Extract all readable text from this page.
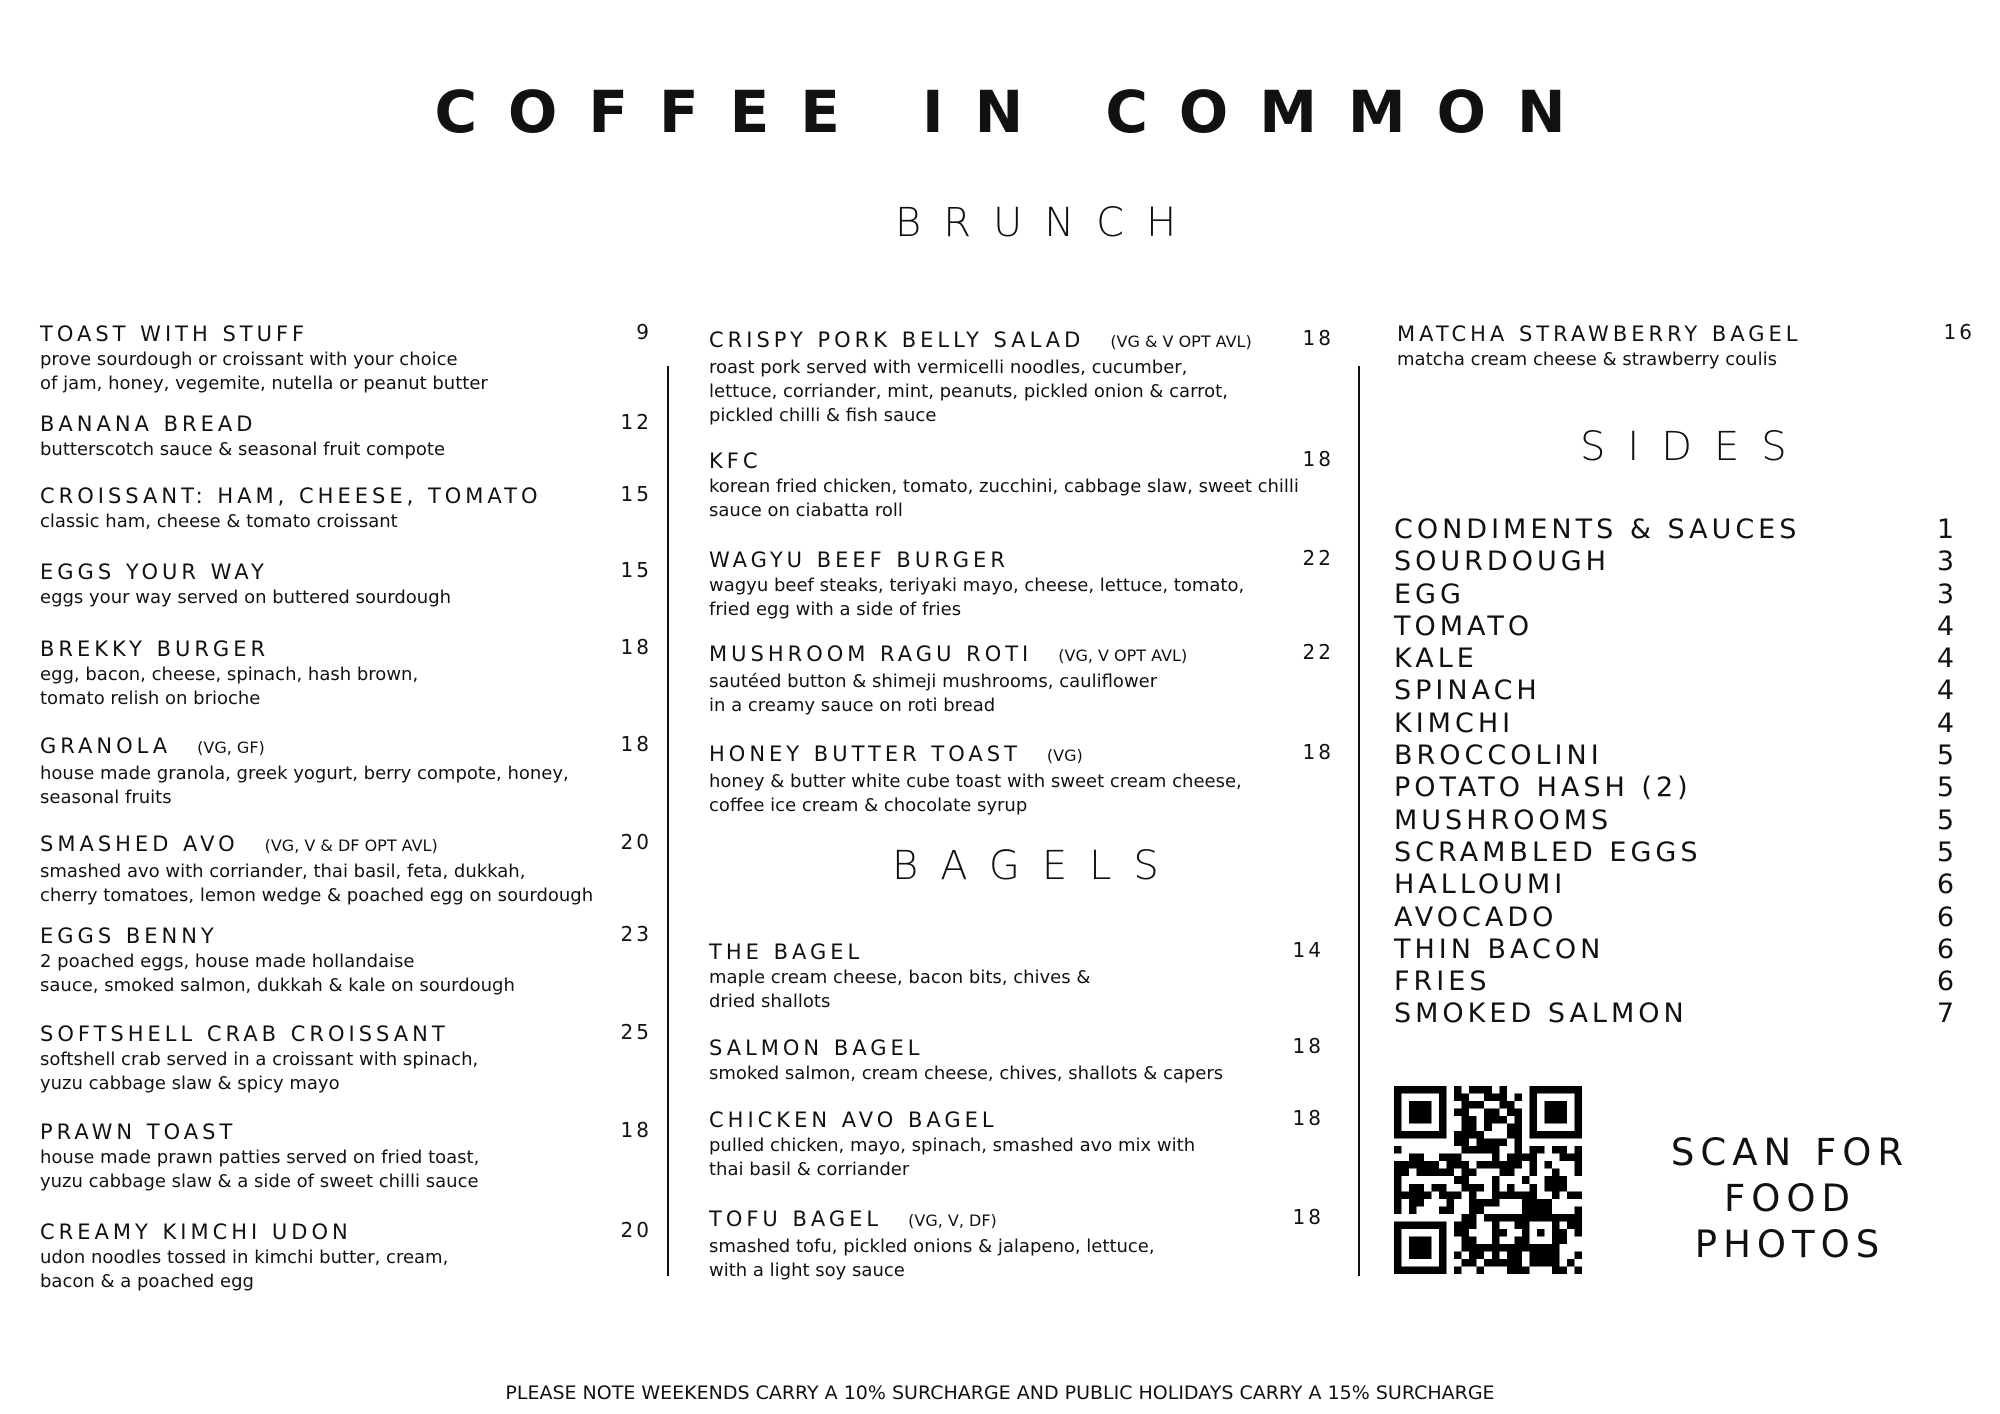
COFFEE IN COMMON
BRUNCH
TOAST WITH STUFF	9
prove sourdough or croissant with your choice
of jam, honey, vegemite, nutella or peanut butter
BANANA BREAD	12
butterscotch sauce & seasonal fruit compote
CROISSANT: HAM, CHEESE, TOMATO	15
classic ham, cheese & tomato croissant
EGGS YOUR WAY	15
eggs your way served on buttered sourdough
BREKKY BURGER	18
egg, bacon, cheese, spinach, hash brown,
tomato relish on brioche
GRANOLA (VG, GF)	18
house made granola, greek yogurt, berry compote, honey,
seasonal fruits
SMASHED AVO (VG, V & DF OPT AVL)	20
smashed avo with corriander, thai basil, feta, dukkah,
cherry tomatoes, lemon wedge & poached egg on sourdough
EGGS BENNY	23
2 poached eggs, house made hollandaise
sauce, smoked salmon, dukkah & kale on sourdough
SOFTSHELL CRAB CROISSANT	25
softshell crab served in a croissant with spinach,
yuzu cabbage slaw & spicy mayo
PRAWN TOAST	18
house made prawn patties served on fried toast,
yuzu cabbage slaw & a side of sweet chilli sauce
CREAMY KIMCHI UDON	20
udon noodles tossed in kimchi butter, cream,
bacon & a poached egg
CRISPY PORK BELLY SALAD (VG & V OPT AVL)	18
roast pork served with vermicelli noodles, cucumber,
lettuce, corriander, mint, peanuts, pickled onion & carrot,
pickled chilli & fish sauce
KFC	18
korean fried chicken, tomato, zucchini, cabbage slaw, sweet chilli
sauce on ciabatta roll
WAGYU BEEF BURGER	22
wagyu beef steaks, teriyaki mayo, cheese, lettuce, tomato,
fried egg with a side of fries
MUSHROOM RAGU ROTI (VG, V OPT AVL)	22
sautéed button & shimeji mushrooms, cauliflower
in a creamy sauce on roti bread
HONEY BUTTER TOAST (VG)	18
honey & butter white cube toast with sweet cream cheese,
coffee ice cream & chocolate syrup
BAGELS
THE BAGEL	14
maple cream cheese, bacon bits, chives &
dried shallots
SALMON BAGEL	18
smoked salmon, cream cheese, chives, shallots & capers
CHICKEN AVO BAGEL	18
pulled chicken, mayo, spinach, smashed avo mix with
thai basil & corriander
TOFU BAGEL (VG, V, DF)	18
smashed tofu, pickled onions & jalapeno, lettuce,
with a light soy sauce
MATCHA STRAWBERRY BAGEL	16
matcha cream cheese & strawberry coulis
SIDES
CONDIMENTS & SAUCES	1
SOURDOUGH	3
EGG	3
TOMATO	4
KALE	4
SPINACH	4
KIMCHI	4
BROCCOLINI	5
POTATO HASH (2)	5
MUSHROOMS	5
SCRAMBLED EGGS	5
HALLOUMI	6
AVOCADO	6
THIN BACON	6
FRIES	6
SMOKED SALMON	7
SCAN FOR
FOOD PHOTOS
PLEASE NOTE WEEKENDS CARRY A 10% SURCHARGE AND PUBLIC HOLIDAYS CARRY A 15% SURCHARGE
